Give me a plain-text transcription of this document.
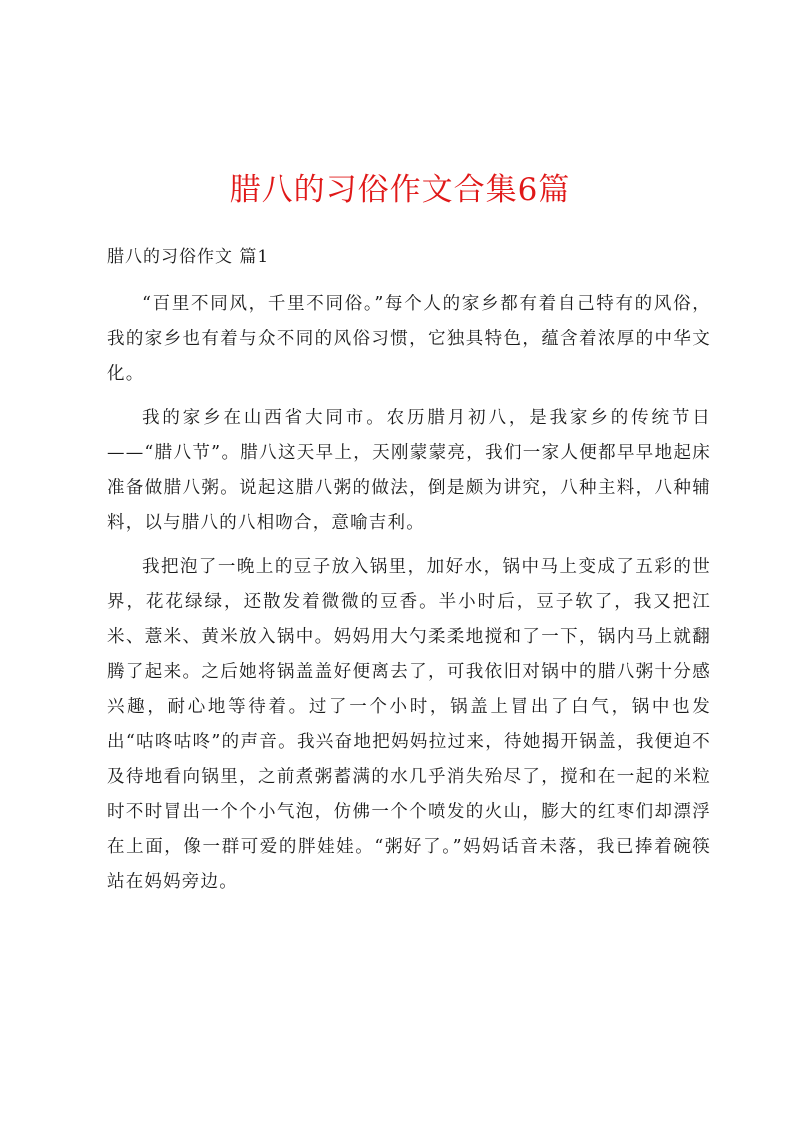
腊八的习俗作文合集6篇

腊八的习俗作文 篇1

“百里不同风，千里不同俗。”每个人的家乡都有着自己特有的风俗，我的家乡也有着与众不同的风俗习惯，它独具特色，蕴含着浓厚的中华文化。

我的家乡在山西省大同市。农历腊月初八，是我家乡的传统节日——“腊八节”。腊八这天早上，天刚蒙蒙亮，我们一家人便都早早地起床准备做腊八粥。说起这腊八粥的做法，倒是颇为讲究，八种主料，八种辅料，以与腊八的八相吻合，意喻吉利。

我把泡了一晚上的豆子放入锅里，加好水，锅中马上变成了五彩的世界，花花绿绿，还散发着微微的豆香。半小时后，豆子软了，我又把江米、薏米、黄米放入锅中。妈妈用大勺柔柔地搅和了一下，锅内马上就翻腾了起来。之后她将锅盖盖好便离去了，可我依旧对锅中的腊八粥十分感兴趣，耐心地等待着。过了一个小时，锅盖上冒出了白气，锅中也发出“咕咚咕咚”的声音。我兴奋地把妈妈拉过来，待她揭开锅盖，我便迫不及待地看向锅里，之前煮粥蓄满的水几乎消失殆尽了，搅和在一起的米粒时不时冒出一个个小气泡，仿佛一个个喷发的火山，膨大的红枣们却漂浮在上面，像一群可爱的胖娃娃。“粥好了。”妈妈话音未落，我已捧着碗筷站在妈妈旁边。
